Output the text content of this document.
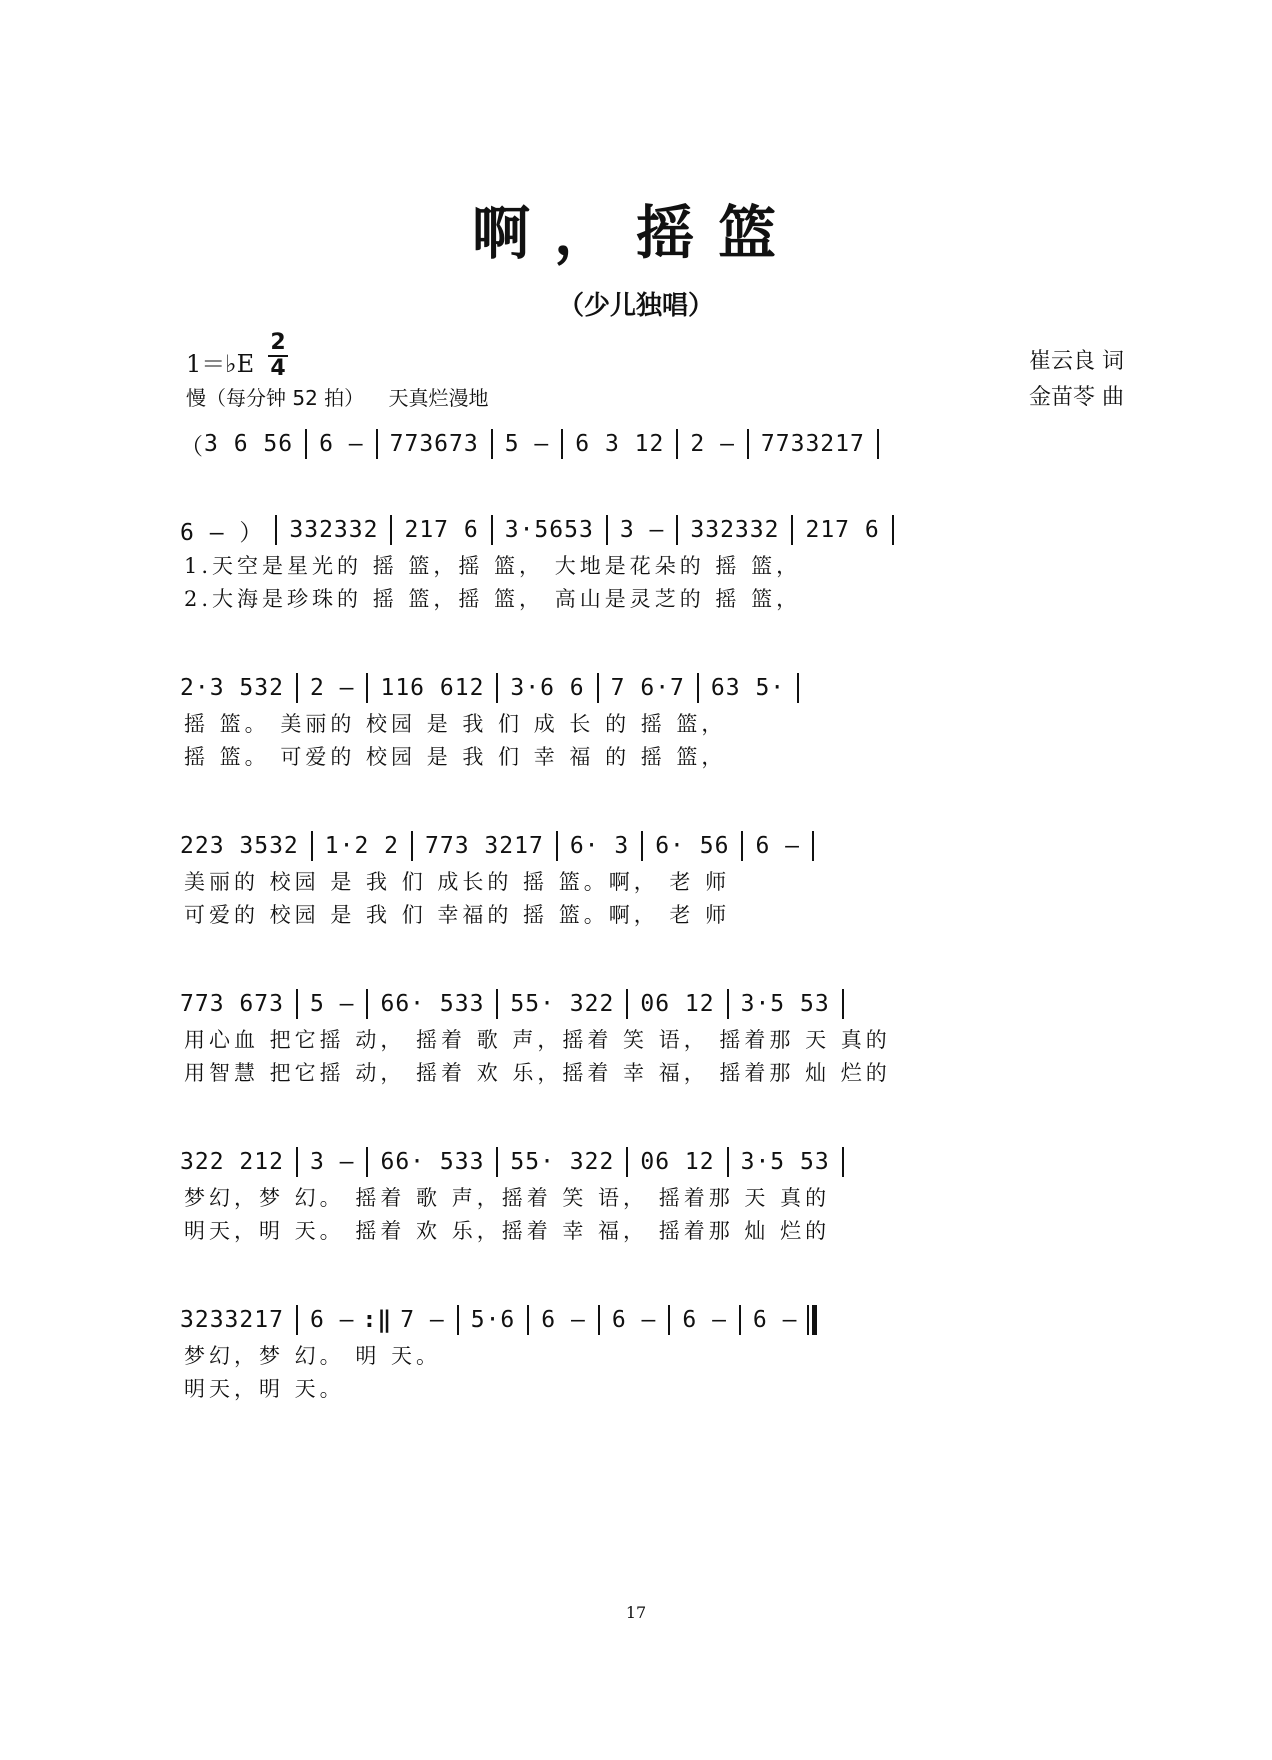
啊，摇篮
（少儿独唱）
1＝♭E
2
4
慢（每分钟 52 拍） 天真烂漫地
崔云良 词
金苗苓 曲
（ 3 6 56 6 – 773673 5 – 6 3 12 2 – 7733217
6 – ） 332332 217 6 3·5653 3 – 332332 217 6
1.天空是星光的 摇 篮，摇 篮， 大地是花朵的 摇 篮，
2.大海是珍珠的 摇 篮，摇 篮， 高山是灵芝的 摇 篮，
2·3 532 2 – 116 612 3·6 6 7 6·7 63 5·
摇 篮。 美丽的 校园 是 我 们 成 长 的 摇 篮，
摇 篮。 可爱的 校园 是 我 们 幸 福 的 摇 篮，
223 3532 1·2 2 773 3217 6· 3 6· 56 6 –
美丽的 校园 是 我 们 成长的 摇 篮。啊， 老 师
可爱的 校园 是 我 们 幸福的 摇 篮。啊， 老 师
773 673 5 – 66· 533 55· 322 06 12 3·5 53
用心血 把它摇 动， 摇着 歌 声，摇着 笑 语， 摇着那 天 真的
用智慧 把它摇 动， 摇着 欢 乐，摇着 幸 福， 摇着那 灿 烂的
322 212 3 – 66· 533 55· 322 06 12 3·5 53
梦幻，梦 幻。 摇着 歌 声，摇着 笑 语， 摇着那 天 真的
明天，明 天。 摇着 欢 乐，摇着 幸 福， 摇着那 灿 烂的
3233217 6 – :‖ 7 – 5·6 6 – 6 – 6 – 6 –
梦幻，梦 幻。 明 天。
明天，明 天。
17
